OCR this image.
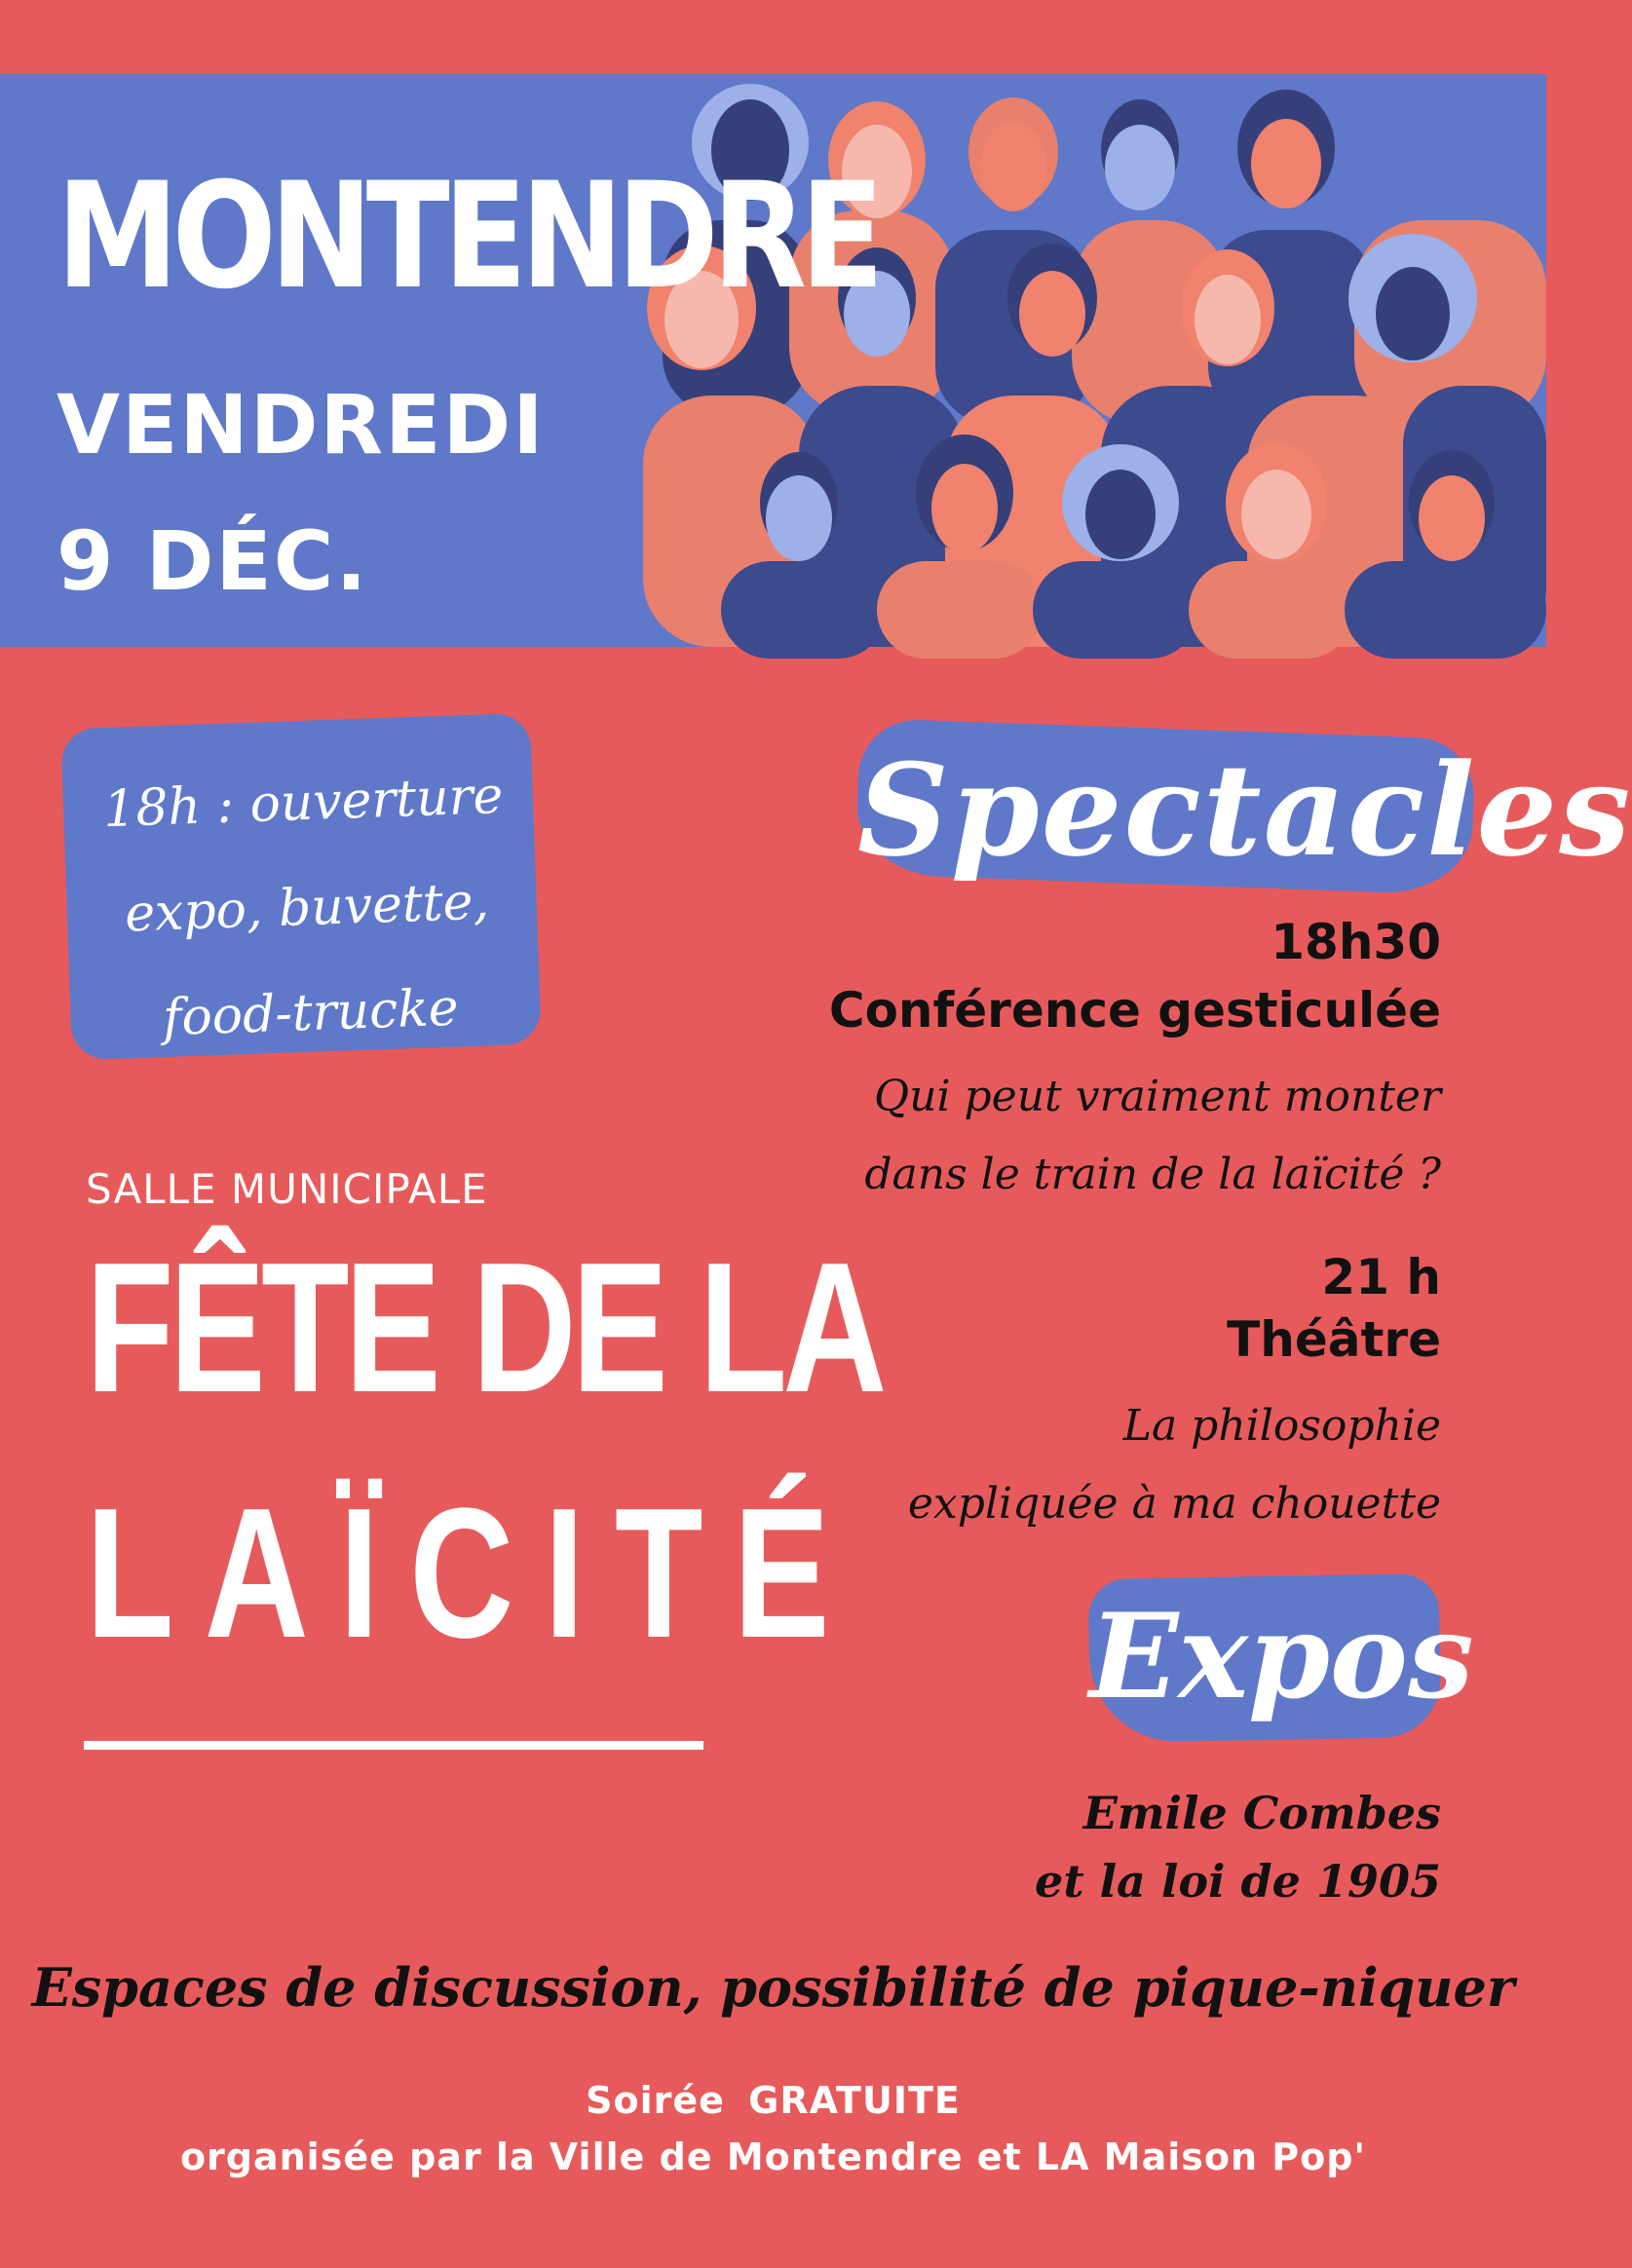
MONTENDRE

VENDREDI

9 DÉC.

18h : ouverture
expo, buvette,
food-trucke
Spectacles

18h30

Conférence gesticulée

Qui peut vraiment monter
dans le train de la laïcité ?

21 h

Théâtre

La philosophie
expliquée à ma chouette

SALLE MUNICIPALE

FÊTE DE LA
LAÏCITÉ Expos
Emile Combes
et la loi de 1905

Espaces de discussion, possibilité de pique-niquer

Soirée GRATUITE

organisée par la Ville de Montendre et LA Maison Pop'
